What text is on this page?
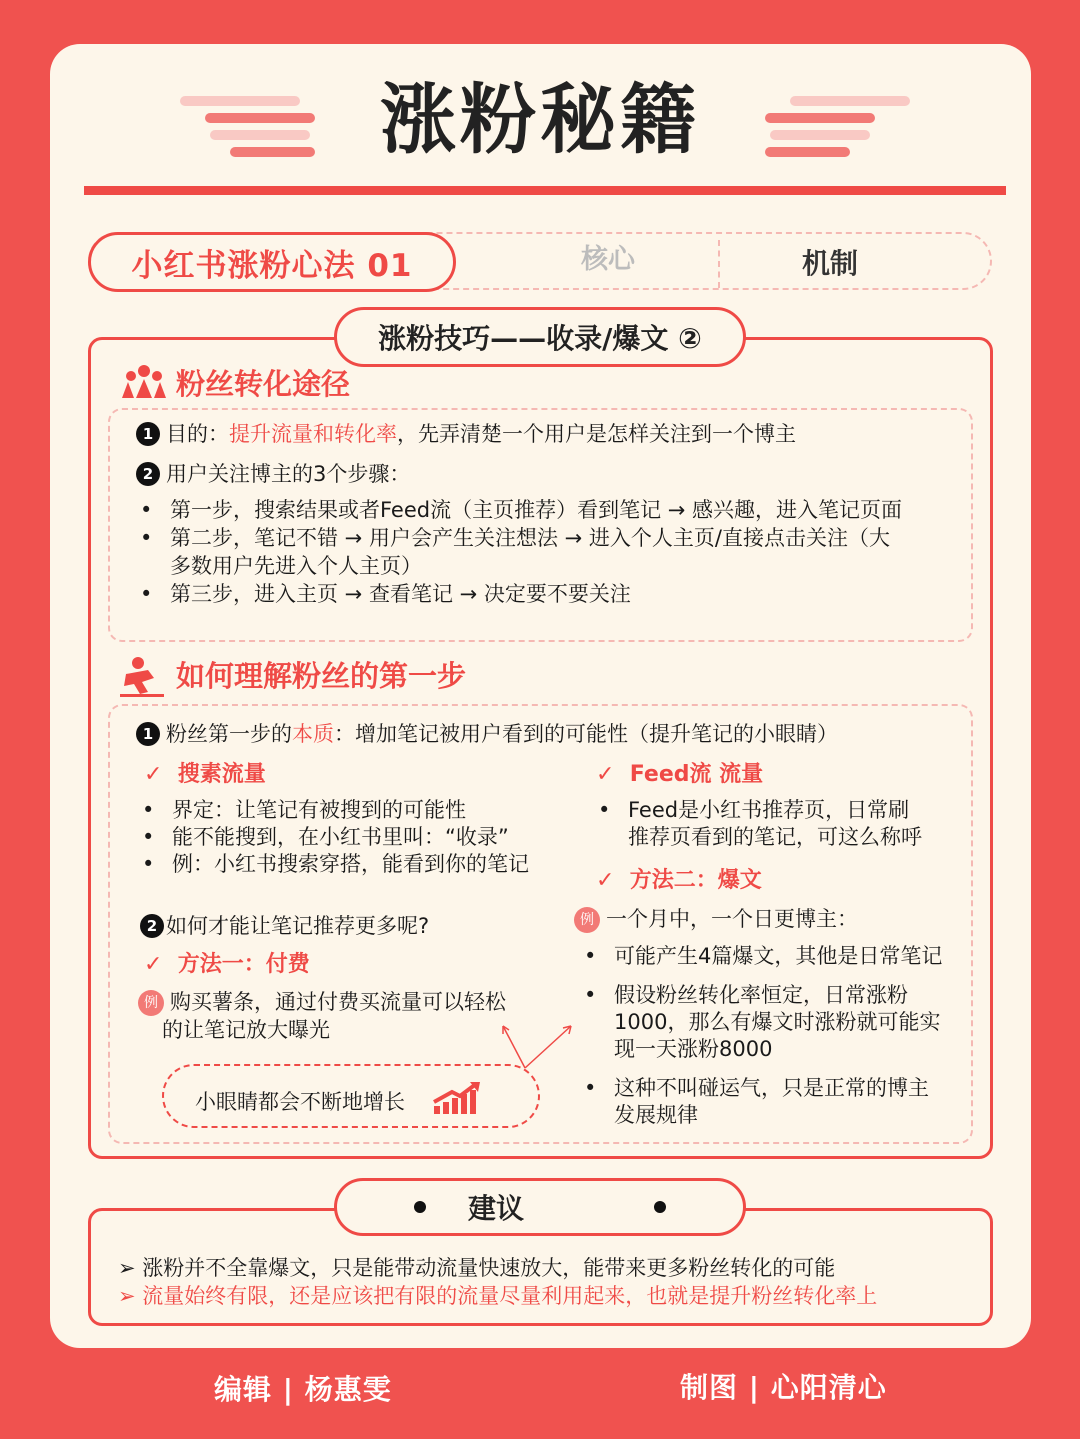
涨粉秘籍
小红书涨粉心法 01	核心	机制
涨粉技巧——收录/爆文 ②
粉丝转化途径
1 目的：提升流量和转化率，先弄清楚一个用户是怎样关注到一个博主
2 用户关注博主的3个步骤：
• 第一步，搜索结果或者Feed流（主页推荐）看到笔记 → 感兴趣，进入笔记页面
• 第二步，笔记不错 → 用户会产生关注想法 → 进入个人主页/直接点击关注（大
多数用户先进入个人主页）
• 第三步，进入主页 → 查看笔记 → 决定要不要关注
如何理解粉丝的第一步
1 粉丝第一步的本质：增加笔记被用户看到的可能性（提升笔记的小眼睛）
✓ 搜素流量
• 界定：让笔记有被搜到的可能性
• 能不能搜到，在小红书里叫：“收录”
• 例：小红书搜索穿搭，能看到你的笔记
2 如何才能让笔记推荐更多呢?
✓ 方法一：付费
例 购买薯条，通过付费买流量可以轻松
的让笔记放大曝光
小眼睛都会不断地增长
✓ Feed流 流量
• Feed是小红书推荐页，日常刷
推荐页看到的笔记，可这么称呼
✓ 方法二：爆文
例 一个月中，一个日更博主：
• 可能产生4篇爆文，其他是日常笔记
• 假设粉丝转化率恒定，日常涨粉
1000，那么有爆文时涨粉就可能实
现一天涨粉8000
• 这种不叫碰运气，只是正常的博主
发展规律
建议
➢ 涨粉并不全靠爆文，只是能带动流量快速放大，能带来更多粉丝转化的可能
➢ 流量始终有限，还是应该把有限的流量尽量利用起来，也就是提升粉丝转化率上
编辑 | 杨惠雯	制图 | 心阳清心
